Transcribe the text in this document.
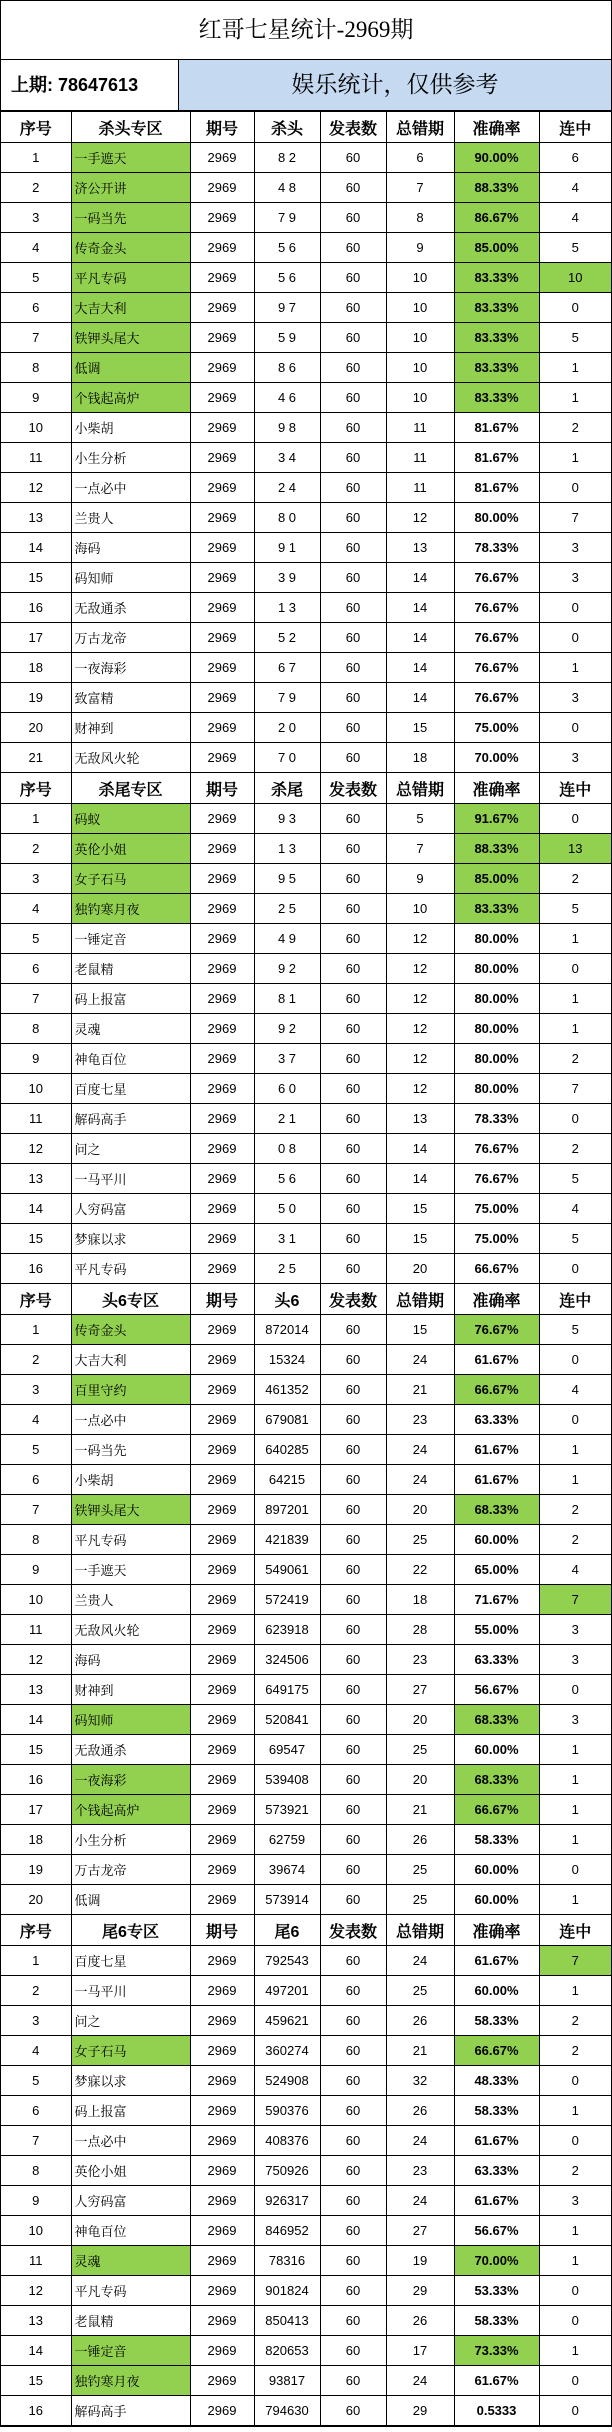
红哥七星统计-2969期
上期: 78647613	娱乐统计，仅供参考
序号	杀头专区	期号	杀头	发表数	总错期	准确率	连中
1	一手遮天	2969	8 2	60	6	90.00%	6
2	济公开讲	2969	4 8	60	7	88.33%	4
3	一码当先	2969	7 9	60	8	86.67%	4
4	传奇金头	2969	5 6	60	9	85.00%	5
5	平凡专码	2969	5 6	60	10	83.33%	10
6	大吉大利	2969	9 7	60	10	83.33%	0
7	铁钾头尾大	2969	5 9	60	10	83.33%	5
8	低调	2969	8 6	60	10	83.33%	1
9	个钱起高炉	2969	4 6	60	10	83.33%	1
10	小柴胡	2969	9 8	60	11	81.67%	2
11	小生分析	2969	3 4	60	11	81.67%	1
12	一点必中	2969	2 4	60	11	81.67%	0
13	兰贵人	2969	8 0	60	12	80.00%	7
14	海码	2969	9 1	60	13	78.33%	3
15	码知师	2969	3 9	60	14	76.67%	3
16	无敌通杀	2969	1 3	60	14	76.67%	0
17	万古龙帝	2969	5 2	60	14	76.67%	0
18	一夜海彩	2969	6 7	60	14	76.67%	1
19	致富精	2969	7 9	60	14	76.67%	3
20	财神到	2969	2 0	60	15	75.00%	0
21	无敌风火轮	2969	7 0	60	18	70.00%	3
序号	杀尾专区	期号	杀尾	发表数	总错期	准确率	连中
1	码蚁	2969	9 3	60	5	91.67%	0
2	英伦小姐	2969	1 3	60	7	88.33%	13
3	女子石马	2969	9 5	60	9	85.00%	2
4	独钓寒月夜	2969	2 5	60	10	83.33%	5
5	一锤定音	2969	4 9	60	12	80.00%	1
6	老鼠精	2969	9 2	60	12	80.00%	0
7	码上报富	2969	8 1	60	12	80.00%	1
8	灵魂	2969	9 2	60	12	80.00%	1
9	神龟百位	2969	3 7	60	12	80.00%	2
10	百度七星	2969	6 0	60	12	80.00%	7
11	解码高手	2969	2 1	60	13	78.33%	0
12	问之	2969	0 8	60	14	76.67%	2
13	一马平川	2969	5 6	60	14	76.67%	5
14	人穷码富	2969	5 0	60	15	75.00%	4
15	梦寐以求	2969	3 1	60	15	75.00%	5
16	平凡专码	2969	2 5	60	20	66.67%	0
序号	头6专区	期号	头6	发表数	总错期	准确率	连中
1	传奇金头	2969	872014	60	15	76.67%	5
2	大吉大利	2969	15324	60	24	61.67%	0
3	百里守约	2969	461352	60	21	66.67%	4
4	一点必中	2969	679081	60	23	63.33%	0
5	一码当先	2969	640285	60	24	61.67%	1
6	小柴胡	2969	64215	60	24	61.67%	1
7	铁钾头尾大	2969	897201	60	20	68.33%	2
8	平凡专码	2969	421839	60	25	60.00%	2
9	一手遮天	2969	549061	60	22	65.00%	4
10	兰贵人	2969	572419	60	18	71.67%	7
11	无敌风火轮	2969	623918	60	28	55.00%	3
12	海码	2969	324506	60	23	63.33%	3
13	财神到	2969	649175	60	27	56.67%	0
14	码知师	2969	520841	60	20	68.33%	3
15	无敌通杀	2969	69547	60	25	60.00%	1
16	一夜海彩	2969	539408	60	20	68.33%	1
17	个钱起高炉	2969	573921	60	21	66.67%	1
18	小生分析	2969	62759	60	26	58.33%	1
19	万古龙帝	2969	39674	60	25	60.00%	0
20	低调	2969	573914	60	25	60.00%	1
序号	尾6专区	期号	尾6	发表数	总错期	准确率	连中
1	百度七星	2969	792543	60	24	61.67%	7
2	一马平川	2969	497201	60	25	60.00%	1
3	问之	2969	459621	60	26	58.33%	2
4	女子石马	2969	360274	60	21	66.67%	2
5	梦寐以求	2969	524908	60	32	48.33%	0
6	码上报富	2969	590376	60	26	58.33%	1
7	一点必中	2969	408376	60	24	61.67%	0
8	英伦小姐	2969	750926	60	23	63.33%	2
9	人穷码富	2969	926317	60	24	61.67%	3
10	神龟百位	2969	846952	60	27	56.67%	1
11	灵魂	2969	78316	60	19	70.00%	1
12	平凡专码	2969	901824	60	29	53.33%	0
13	老鼠精	2969	850413	60	26	58.33%	0
14	一锤定音	2969	820653	60	17	73.33%	1
15	独钓寒月夜	2969	93817	60	24	61.67%	0
16	解码高手	2969	794630	60	29	0.5333	0
